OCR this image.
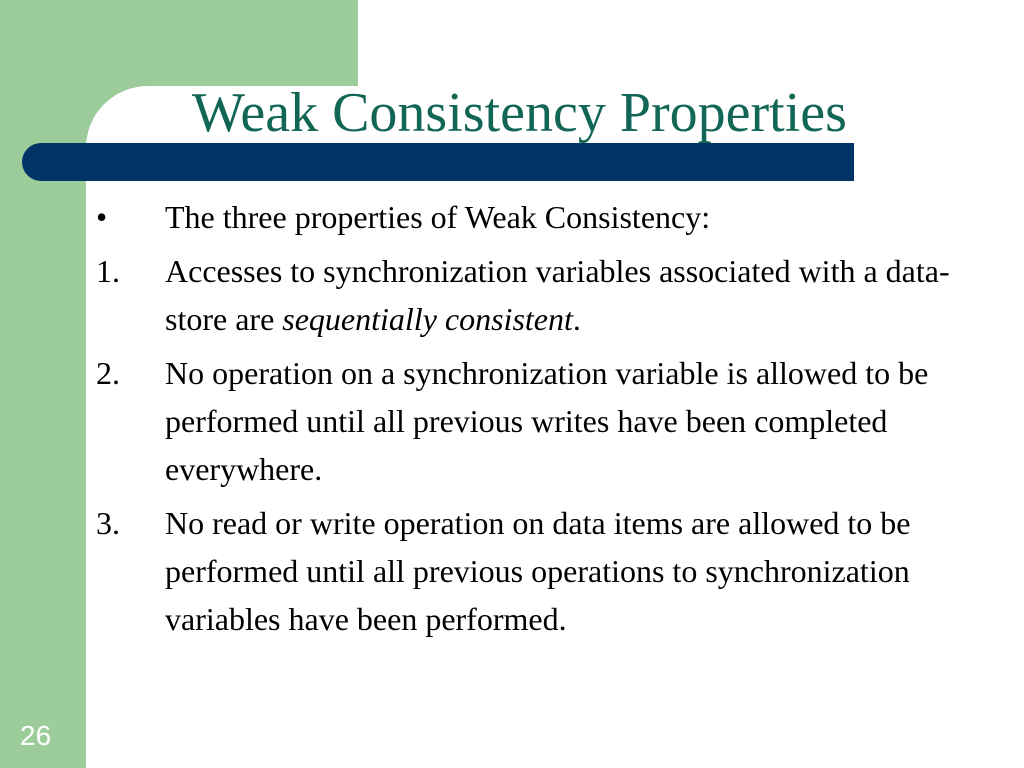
Weak Consistency Properties
• The three properties of Weak Consistency:
1. Accesses to synchronization variables associated with a data-store are sequentially consistent.
2. No operation on a synchronization variable is allowed to be performed until all previous writes have been completed everywhere.
3. No read or write operation on data items are allowed to be performed until all previous operations to synchronization variables have been performed.
26
